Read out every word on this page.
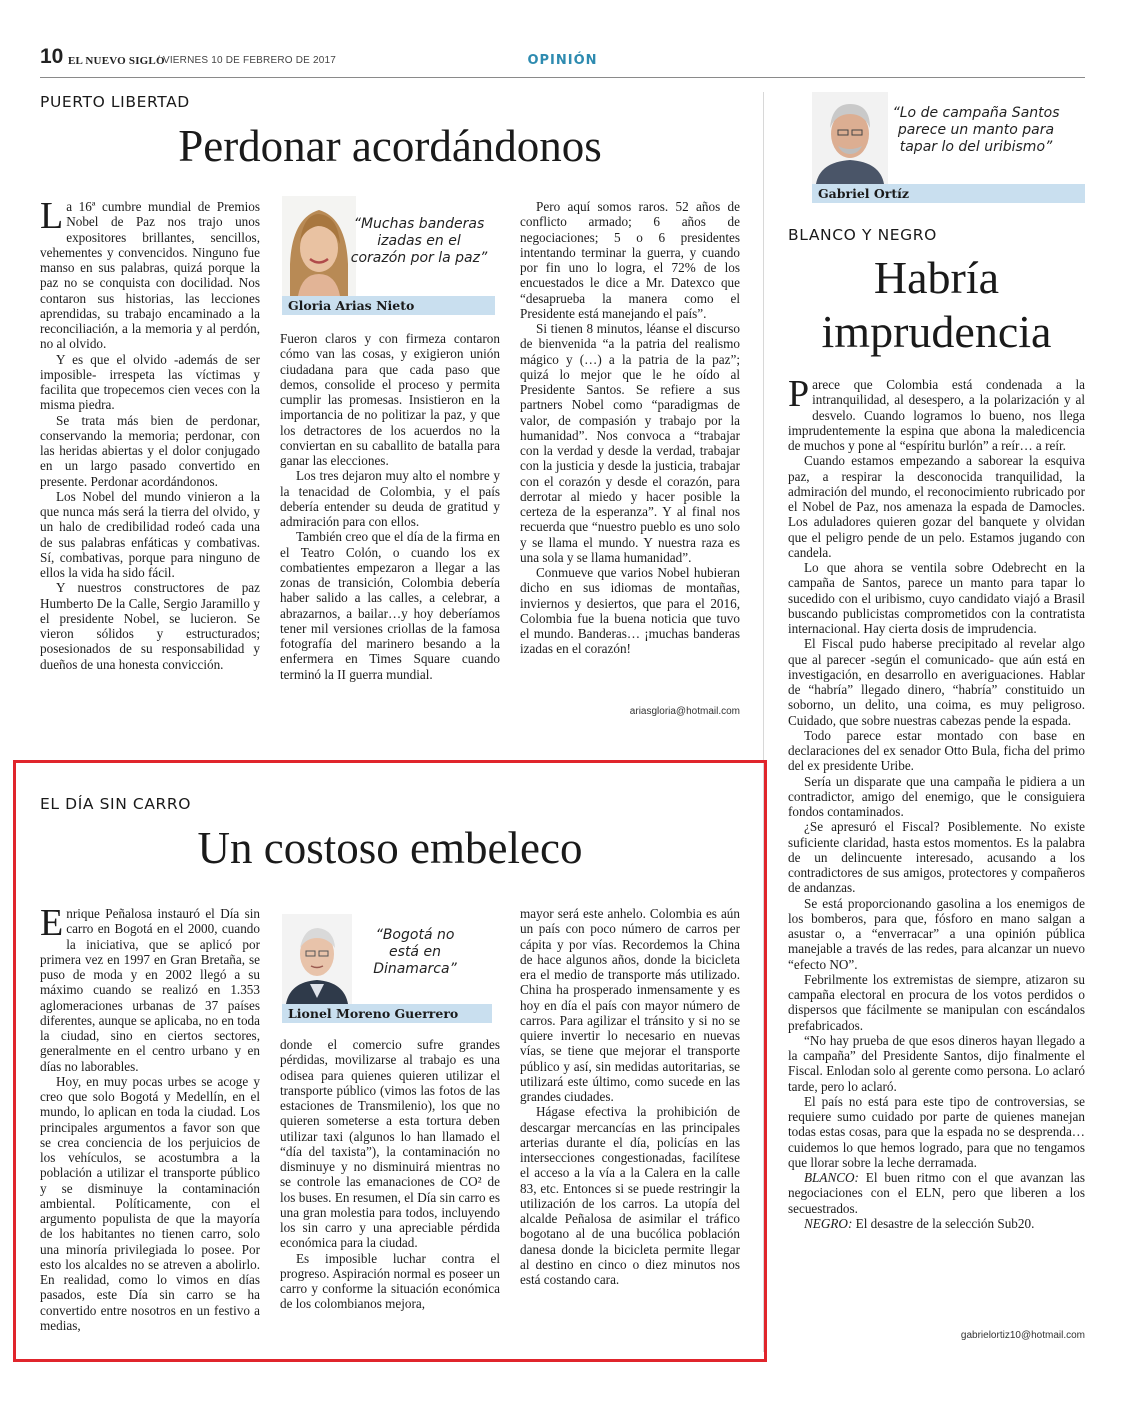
10 EL NUEVO SIGLO
/ VIERNES 10 DE FEBRERO DE 2017	OPINIÓN
PUERTO LIBERTAD
Perdonar acordándonos

La 16ª cumbre mundial de Premios Nobel de Paz nos trajo unos expositores brillantes, sencillos, vehementes y convencidos. Ninguno fue manso en sus palabras, quizá porque la paz no se conquista con docilidad. Nos contaron sus historias, las lecciones aprendidas, su trabajo encaminado a la reconciliación, a la memoria y al perdón, no al olvido.

Y es que el olvido -además de ser imposible- irrespeta las víctimas y facilita que tropecemos cien veces con la misma piedra.

Se trata más bien de perdonar, conservando la memoria; perdonar, con las heridas abiertas y el dolor conjugado en un largo pasado convertido en presente. Perdonar acordándonos.

Los Nobel del mundo vinieron a la que nunca más será la tierra del olvido, y un halo de credibilidad rodeó cada una de sus palabras enfáticas y combativas. Sí, combativas, porque para ninguno de ellos la vida ha sido fácil.

Y nuestros constructores de paz Humberto De la Calle, Sergio Jaramillo y el presidente Nobel, se lucieron. Se vieron sólidos y estructurados; posesionados de su responsabilidad y dueños de una honesta convicción.

“Muchas banderas izadas en el corazón por la paz”
Gloria Arias Nieto

Fueron claros y con firmeza contaron cómo van las cosas, y exigieron unión ciudadana para que cada paso que demos, consolide el proceso y permita cumplir las promesas. Insistieron en la importancia de no politizar la paz, y que los detractores de los acuerdos no la conviertan en su caballito de batalla para ganar las elecciones.

Los tres dejaron muy alto el nombre y la tenacidad de Colombia, y el país debería entender su deuda de gratitud y admiración para con ellos.

También creo que el día de la firma en el Teatro Colón, o cuando los ex combatientes empezaron a llegar a las zonas de transición, Colombia debería haber salido a las calles, a celebrar, a abrazarnos, a bailar…y hoy deberíamos tener mil versiones criollas de la famosa fotografía del marinero besando a la enfermera en Times Square cuando terminó la II guerra mundial.

Pero aquí somos raros. 52 años de conflicto armado; 6 años de negociaciones; 5 o 6 presidentes intentando terminar la guerra, y cuando por fin uno lo logra, el 72% de los encuestados le dice a Mr. Datexco que “desaprueba la manera como el Presidente está manejando el país”.

Si tienen 8 minutos, léanse el discurso de bienvenida “a la patria del realismo mágico y (…) a la patria de la paz”; quizá lo mejor que le he oído al Presidente Santos. Se refiere a sus partners Nobel como “paradigmas de valor, de compasión y trabajo por la humanidad”. Nos convoca a “trabajar con la verdad y desde la verdad, trabajar con la justicia y desde la justicia, trabajar con el corazón y desde el corazón, para derrotar al miedo y hacer posible la certeza de la esperanza”. Y al final nos recuerda que “nuestro pueblo es uno solo y se llama el mundo. Y nuestra raza es una sola y se llama humanidad”.

Conmueve que varios Nobel hubieran dicho en sus idiomas de montañas, inviernos y desiertos, que para el 2016, Colombia fue la buena noticia que tuvo el mundo. Banderas… ¡muchas banderas izadas en el corazón!

ariasgloria@hotmail.com
EL DÍA SIN CARRO
Un costoso embeleco

Enrique Peñalosa instauró el Día sin carro en Bogotá en el 2000, cuando la iniciativa, que se aplicó por primera vez en 1997 en Gran Bretaña, se puso de moda y en 2002 llegó a su máximo cuando se realizó en 1.353 aglomeraciones urbanas de 37 países diferentes, aunque se aplicaba, no en toda la ciudad, sino en ciertos sectores, generalmente en el centro urbano y en días no laborables.

Hoy, en muy pocas urbes se acoge y creo que solo Bogotá y Medellín, en el mundo, lo aplican en toda la ciudad. Los principales argumentos a favor son que se crea conciencia de los perjuicios de los vehículos, se acostumbra a la población a utilizar el transporte público y se disminuye la contaminación ambiental. Políticamente, con el argumento populista de que la mayoría de los habitantes no tienen carro, solo una minoría privilegiada lo posee. Por esto los alcaldes no se atreven a abolirlo. En realidad, como lo vimos en días pasados, este Día sin carro se ha convertido entre nosotros en un festivo a medias,

“Bogotá no está en Dinamarca”
Lionel Moreno Guerrero

donde el comercio sufre grandes pérdidas, movilizarse al trabajo es una odisea para quienes quieren utilizar el transporte público (vimos las fotos de las estaciones de Transmilenio), los que no quieren someterse a esta tortura deben utilizar taxi (algunos lo han llamado el “día del taxista”), la contaminación no disminuye y no disminuirá mientras no se controle las emanaciones de CO² de los buses. En resumen, el Día sin carro es una gran molestia para todos, incluyendo los sin carro y una apreciable pérdida económica para la ciudad.

Es imposible luchar contra el progreso. Aspiración normal es poseer un carro y conforme la situación económica de los colombianos mejora,

mayor será este anhelo. Colombia es aún un país con poco número de carros per cápita y por vías. Recordemos la China de hace algunos años, donde la bicicleta era el medio de transporte más utilizado. China ha prosperado inmensamente y es hoy en día el país con mayor número de carros. Para agilizar el tránsito y si no se quiere invertir lo necesario en nuevas vías, se tiene que mejorar el transporte público y así, sin medidas autoritarias, se utilizará este último, como sucede en las grandes ciudades.

Hágase efectiva la prohibición de descargar mercancías en las principales arterias durante el día, policías en las intersecciones congestionadas, facilítese el acceso a la vía a la Calera en la calle 83, etc. Entonces si se puede restringir la utilización de los carros. La utopía del alcalde Peñalosa de asimilar el tráfico bogotano al de una bucólica población danesa donde la bicicleta permite llegar al destino en cinco o diez minutos nos está costando cara.

“Lo de campaña Santos parece un manto para tapar lo del uribismo”
Gabriel Ortíz
BLANCO Y NEGRO
Habría
imprudencia

Parece que Colombia está condenada a la intranquilidad, al desespero, a la polarización y al desvelo. Cuando logramos lo bueno, nos llega imprudentemente la espina que abona la maledicencia de muchos y pone al “espíritu burlón” a reír… a reír.

Cuando estamos empezando a saborear la esquiva paz, a respirar la desconocida tranquilidad, la admiración del mundo, el reconocimiento rubricado por el Nobel de Paz, nos amenaza la espada de Damocles. Los aduladores quieren gozar del banquete y olvidan que el peligro pende de un pelo. Estamos jugando con candela.

Lo que ahora se ventila sobre Odebrecht en la campaña de Santos, parece un manto para tapar lo sucedido con el uribismo, cuyo candidato viajó a Brasil buscando publicistas comprometidos con la contratista internacional. Hay cierta dosis de imprudencia.

El Fiscal pudo haberse precipitado al revelar algo que al parecer -según el comunicado- que aún está en investigación, en desarrollo en averiguaciones. Hablar de “habría” llegado dinero, “habría” constituido un soborno, un delito, una coima, es muy peligroso. Cuidado, que sobre nuestras cabezas pende la espada.

Todo parece estar montado con base en declaraciones del ex senador Otto Bula, ficha del primo del ex presidente Uribe.

Sería un disparate que una campaña le pidiera a un contradictor, amigo del enemigo, que le consiguiera fondos contaminados.

¿Se apresuró el Fiscal? Posiblemente. No existe suficiente claridad, hasta estos momentos. Es la palabra de un delincuente interesado, acusando a los contradictores de sus amigos, protectores y compañeros de andanzas.

Se está proporcionando gasolina a los enemigos de los bomberos, para que, fósforo en mano salgan a asustar o, a “enverracar” a una opinión pública manejable a través de las redes, para alcanzar un nuevo “efecto NO”.

Febrilmente los extremistas de siempre, atizaron su campaña electoral en procura de los votos perdidos o dispersos que fácilmente se manipulan con escándalos prefabricados.

“No hay prueba de que esos dineros hayan llegado a la campaña” del Presidente Santos, dijo finalmente el Fiscal. Enlodan solo al gerente como persona. Lo aclaró tarde, pero lo aclaró.

El país no está para este tipo de controversias, se requiere sumo cuidado por parte de quienes manejan todas estas cosas, para que la espada no se desprenda… cuidemos lo que hemos logrado, para que no tengamos que llorar sobre la leche derramada.

BLANCO: El buen ritmo con el que avanzan las negociaciones con el ELN, pero que liberen a los secuestrados.

NEGRO: El desastre de la selección Sub20.

gabrielortiz10@hotmail.com
